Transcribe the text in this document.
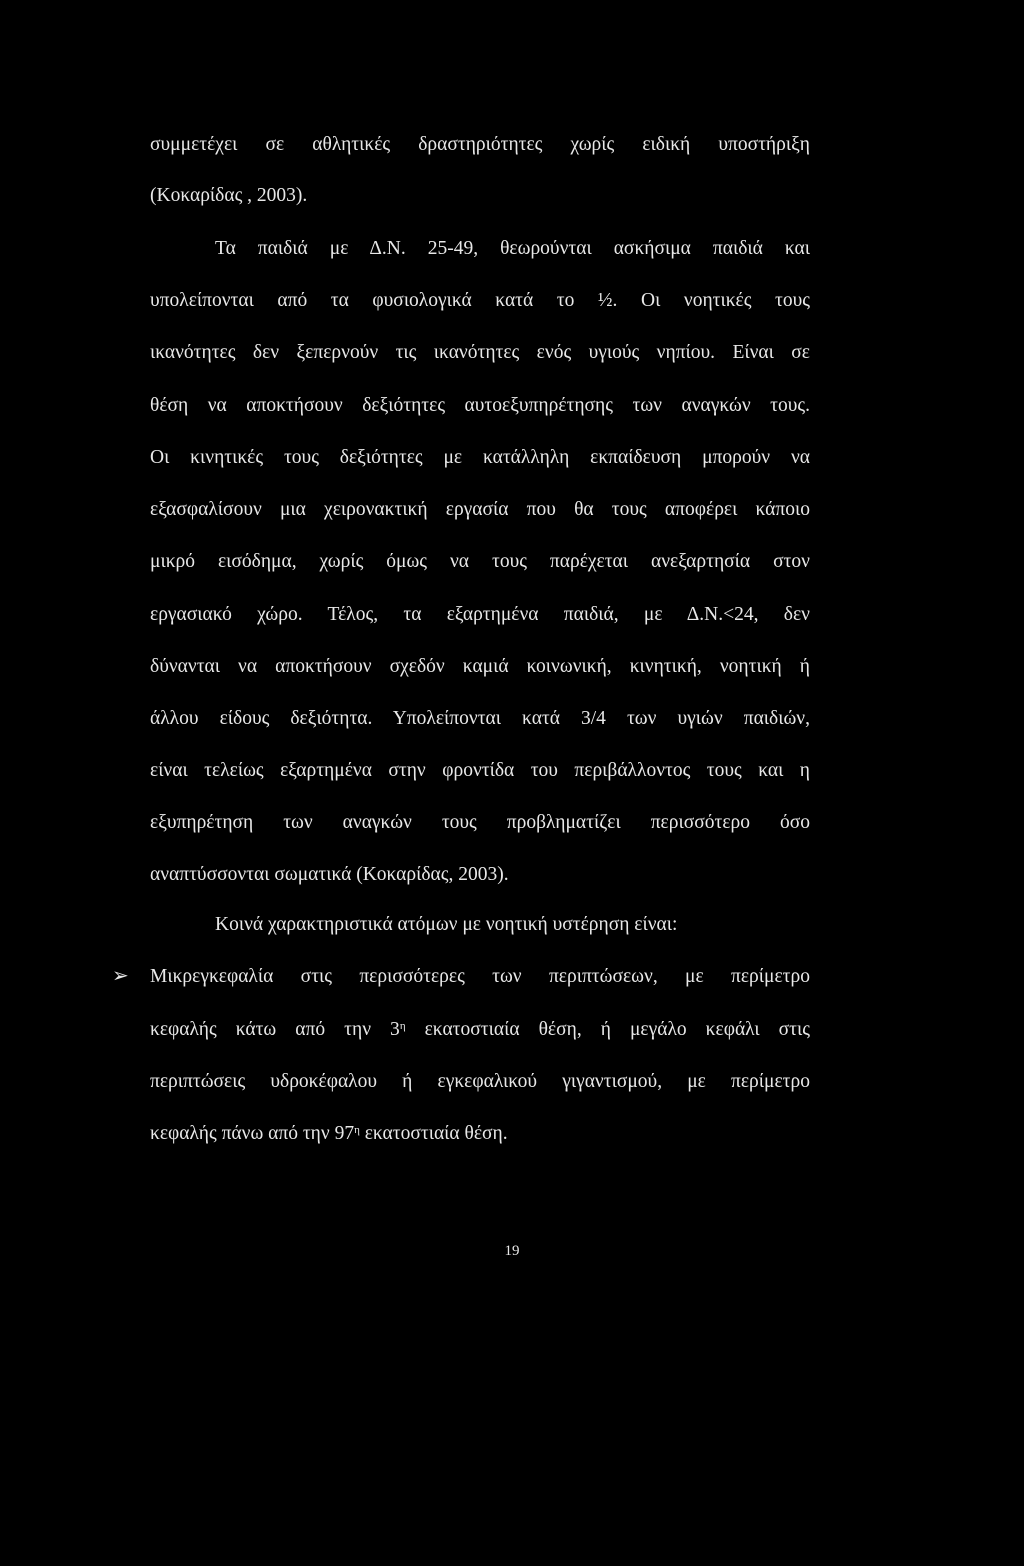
συμμετέχει σε αθλητικές δραστηριότητες χωρίς ειδική υποστήριξη
(Κοκαρίδας , 2003).
Τα παιδιά με Δ.Ν. 25-49, θεωρούνται ασκήσιμα παιδιά και
υπολείπονται από τα φυσιολογικά κατά το ½. Οι νοητικές τους
ικανότητες δεν ξεπερνούν τις ικανότητες ενός υγιούς νηπίου. Είναι σε
θέση να αποκτήσουν δεξιότητες αυτοεξυπηρέτησης των αναγκών τους.
Οι κινητικές τους δεξιότητες με κατάλληλη εκπαίδευση μπορούν να
εξασφαλίσουν μια χειρονακτική εργασία που θα τους αποφέρει κάποιο
μικρό εισόδημα, χωρίς όμως να τους παρέχεται ανεξαρτησία στον
εργασιακό χώρο. Τέλος, τα εξαρτημένα παιδιά, με Δ.Ν.<24, δεν
δύνανται να αποκτήσουν σχεδόν καμιά κοινωνική, κινητική, νοητική ή
άλλου είδους δεξιότητα. Υπολείπονται κατά 3/4 των υγιών παιδιών,
είναι τελείως εξαρτημένα στην φροντίδα του περιβάλλοντος τους και η
εξυπηρέτηση των αναγκών τους προβληματίζει περισσότερο όσο
αναπτύσσονται σωματικά (Κοκαρίδας, 2003).
Κοινά χαρακτηριστικά ατόμων με νοητική υστέρηση είναι:
➢ Μικρεγκεφαλία στις περισσότερες των περιπτώσεων, με περίμετρο
κεφαλής κάτω από την $3^\eta$ εκατοστιαία θέση, ή μεγάλο κεφάλι στις
περιπτώσεις υδροκέφαλου ή εγκεφαλικού γιγαντισμού, με περίμετρο
κεφαλής πάνω από την $97^\eta$ εκατοστιαία θέση.
19
